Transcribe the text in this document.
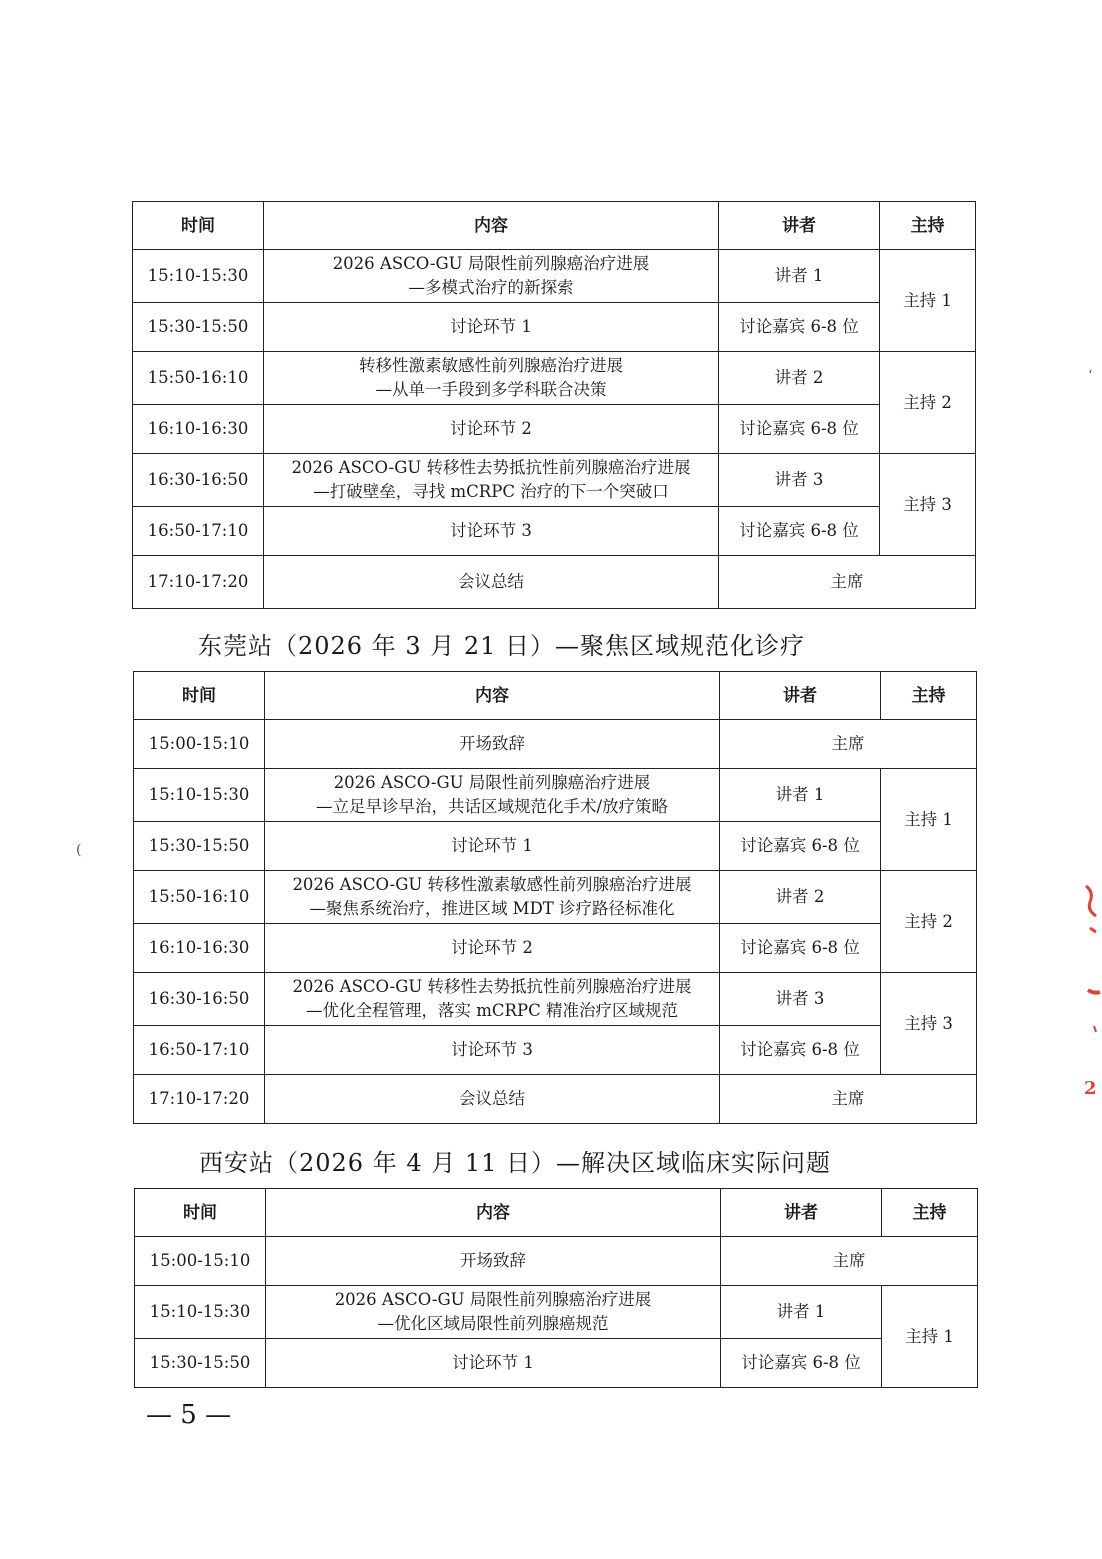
时间	内容	讲者	主持
15:10-15:30	2026 ASCO-GU 局限性前列腺癌治疗进展
—多模式治疗的新探索	讲者 1	主持 1
15:30-15:50	讨论环节 1	讨论嘉宾 6-8 位	
15:50-16:10	转移性激素敏感性前列腺癌治疗进展
—从单一手段到多学科联合决策	讲者 2	主持 2
16:10-16:30	讨论环节 2	讨论嘉宾 6-8 位	
16:30-16:50	2026 ASCO-GU 转移性去势抵抗性前列腺癌治疗进展
—打破壁垒，寻找 mCRPC 治疗的下一个突破口	讲者 3	主持 3
16:50-17:10	讨论环节 3	讨论嘉宾 6-8 位	
17:10-17:20	会议总结	主席	
东莞站（2026 年 3 月 21 日）—聚焦区域规范化诊疗
时间	内容	讲者	主持
15:00-15:10	开场致辞	主席	
15:10-15:30	2026 ASCO-GU 局限性前列腺癌治疗进展
—立足早诊早治，共话区域规范化手术/放疗策略	讲者 1	主持 1
15:30-15:50	讨论环节 1	讨论嘉宾 6-8 位	
15:50-16:10	2026 ASCO-GU 转移性激素敏感性前列腺癌治疗进展
—聚焦系统治疗，推进区域 MDT 诊疗路径标准化	讲者 2	主持 2
16:10-16:30	讨论环节 2	讨论嘉宾 6-8 位	
16:30-16:50	2026 ASCO-GU 转移性去势抵抗性前列腺癌治疗进展
—优化全程管理，落实 mCRPC 精准治疗区域规范	讲者 3	主持 3
16:50-17:10	讨论环节 3	讨论嘉宾 6-8 位	
17:10-17:20	会议总结	主席	
西安站（2026 年 4 月 11 日）—解决区域临床实际问题
时间	内容	讲者	主持
15:00-15:10	开场致辞	主席	
15:10-15:30	2026 ASCO-GU 局限性前列腺癌治疗进展
—优化区域局限性前列腺癌规范	讲者 1	主持 1
15:30-15:50	讨论环节 1	讨论嘉宾 6-8 位	
— 5 —
2
‘
(
